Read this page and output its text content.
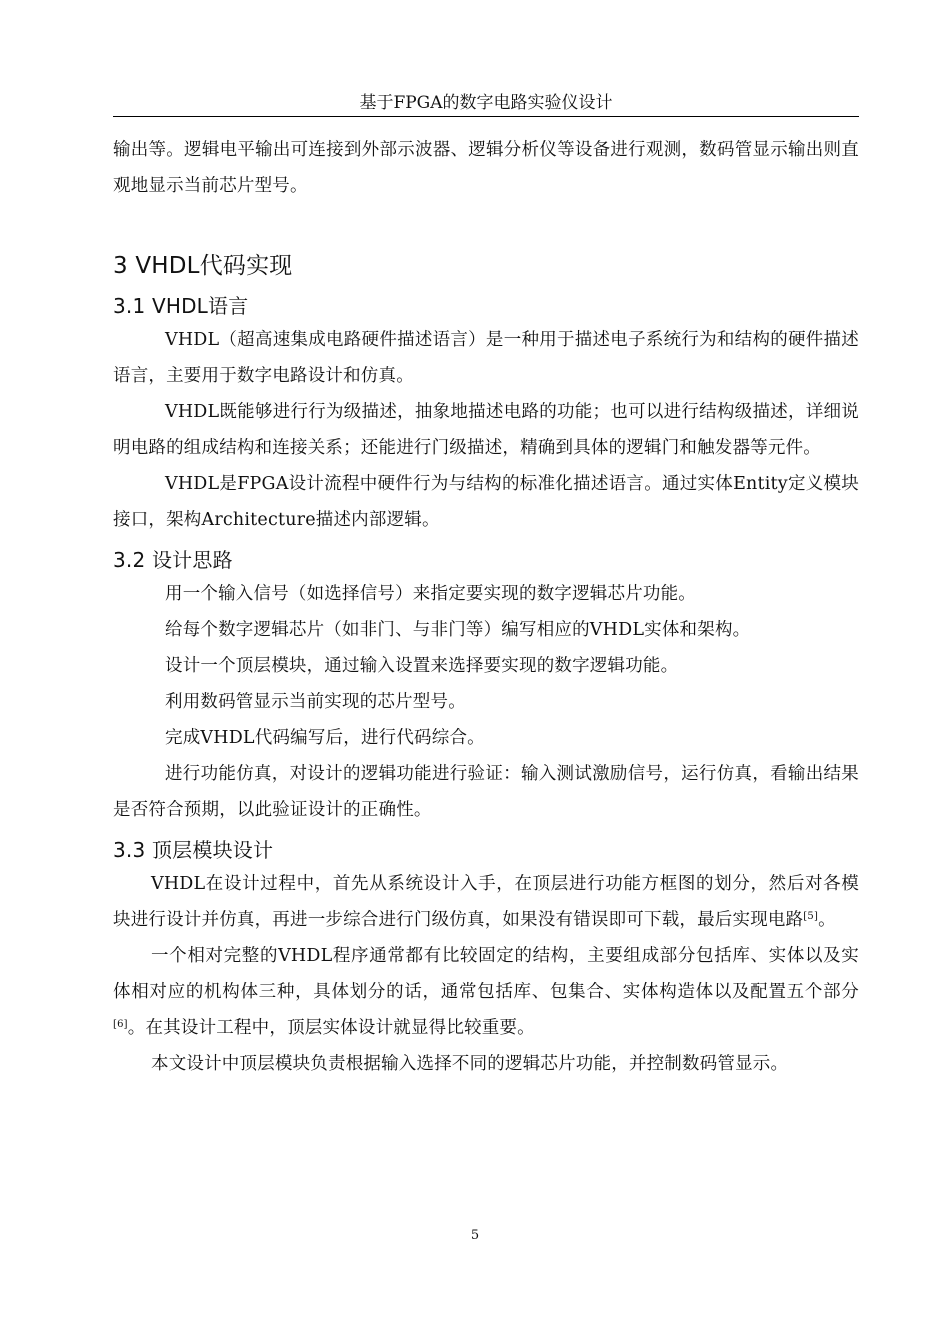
基于FPGA的数字电路实验仪设计

输出等。逻辑电平输出可连接到外部示波器、逻辑分析仪等设备进行观测，数码管显示输出则直观地显示当前芯片型号。

3 VHDL代码实现
3.1 VHDL语言

VHDL（超高速集成电路硬件描述语言）是一种用于描述电子系统行为和结构的硬件描述语言，主要用于数字电路设计和仿真。

VHDL既能够进行行为级描述，抽象地描述电路的功能；也可以进行结构级描述，详细说明电路的组成结构和连接关系；还能进行门级描述，精确到具体的逻辑门和触发器等元件。

VHDL是FPGA设计流程中硬件行为与结构的标准化描述语言。通过实体Entity定义模块接口，架构Architecture描述内部逻辑。

3.2 设计思路

用一个输入信号（如选择信号）来指定要实现的数字逻辑芯片功能。

给每个数字逻辑芯片（如非门、与非门等）编写相应的VHDL实体和架构。

设计一个顶层模块，通过输入设置来选择要实现的数字逻辑功能。

利用数码管显示当前实现的芯片型号。

完成VHDL代码编写后，进行代码综合。

进行功能仿真，对设计的逻辑功能进行验证：输入测试激励信号，运行仿真，看输出结果是否符合预期，以此验证设计的正确性。

3.3 顶层模块设计

VHDL在设计过程中，首先从系统设计入手，在顶层进行功能方框图的划分，然后对各模块进行设计并仿真，再进一步综合进行门级仿真，如果没有错误即可下载，最后实现电路[5]。

一个相对完整的VHDL程序通常都有比较固定的结构，主要组成部分包括库、实体以及实体相对应的机构体三种，具体划分的话，通常包括库、包集合、实体构造体以及配置五个部分[6]。在其设计工程中，顶层实体设计就显得比较重要。

本文设计中顶层模块负责根据输入选择不同的逻辑芯片功能，并控制数码管显示。

5
